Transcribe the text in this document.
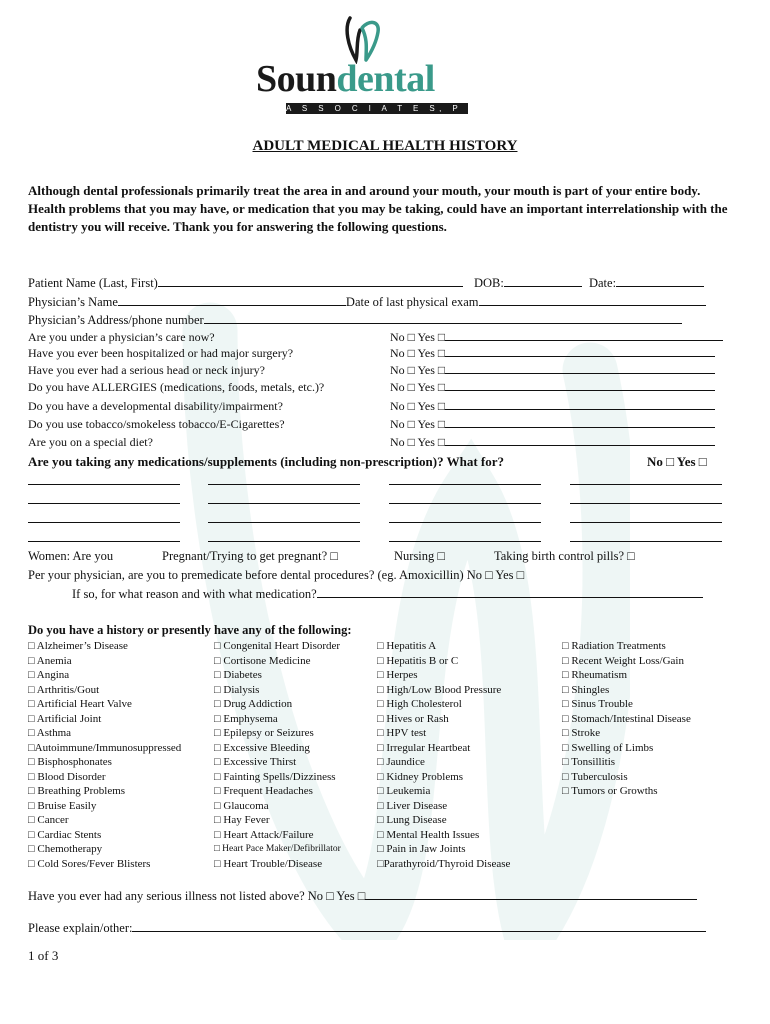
Soundental
A S S O C I A T E S, P C
ADULT MEDICAL HEALTH HISTORY
Although dental professionals primarily treat the area in and around your mouth, your mouth is part of your entire body. Health problems that you may have, or medication that you may be taking, could have an important interrelationship with the dentistry you will receive. Thank you for answering the following questions.
Patient Name (Last, First)	DOB:	Date:
Physician’s Name	Date of last physical exam
Physician’s Address/phone number
Are you under a physician’s care now?	No □ Yes □
Have you ever been hospitalized or had major surgery?	No □ Yes □
Have you ever had a serious head or neck injury?	No □ Yes □
Do you have ALLERGIES (medications, foods, metals, etc.)?	No □ Yes □
Do you have a developmental disability/impairment?	No □ Yes □
Do you use tobacco/smokeless tobacco/E-Cigarettes?	No □ Yes □
Are you on a special diet?	No □ Yes □
Are you taking any medications/supplements (including non-prescription)? What for?	No □ Yes □
Women: Are you	Pregnant/Trying to get pregnant? □	Nursing □	Taking birth control pills? □
Per your physician, are you to premedicate before dental procedures? (eg. Amoxicillin) No □ Yes □
If so, for what reason and with what medication?
Do you have a history or presently have any of the following:
□ Alzheimer’s Disease
□ Anemia
□ Angina
□ Arthritis/Gout
□ Artificial Heart Valve
□ Artificial Joint
□ Asthma
□Autoimmune/Immunosuppressed
□ Bisphosphonates
□ Blood Disorder
□ Breathing Problems
□ Bruise Easily
□ Cancer
□ Cardiac Stents
□ Chemotherapy
□ Cold Sores/Fever Blisters
□ Congenital Heart Disorder
□ Cortisone Medicine
□ Diabetes
□ Dialysis
□ Drug Addiction
□ Emphysema
□ Epilepsy or Seizures
□ Excessive Bleeding
□ Excessive Thirst
□ Fainting Spells/Dizziness
□ Frequent Headaches
□ Glaucoma
□ Hay Fever
□ Heart Attack/Failure
□ Heart Pace Maker/Defibrillator
□ Heart Trouble/Disease
□ Hepatitis A
□ Hepatitis B or C
□ Herpes
□ High/Low Blood Pressure
□ High Cholesterol
□ Hives or Rash
□ HPV test
□ Irregular Heartbeat
□ Jaundice
□ Kidney Problems
□ Leukemia
□ Liver Disease
□ Lung Disease
□ Mental Health Issues
□ Pain in Jaw Joints
□Parathyroid/Thyroid Disease
□ Radiation Treatments
□ Recent Weight Loss/Gain
□ Rheumatism
□ Shingles
□ Sinus Trouble
□ Stomach/Intestinal Disease
□ Stroke
□ Swelling of Limbs
□ Tonsillitis
□ Tuberculosis
□ Tumors or Growths
Have you ever had any serious illness not listed above? No □ Yes □
Please explain/other:
1 of 3
